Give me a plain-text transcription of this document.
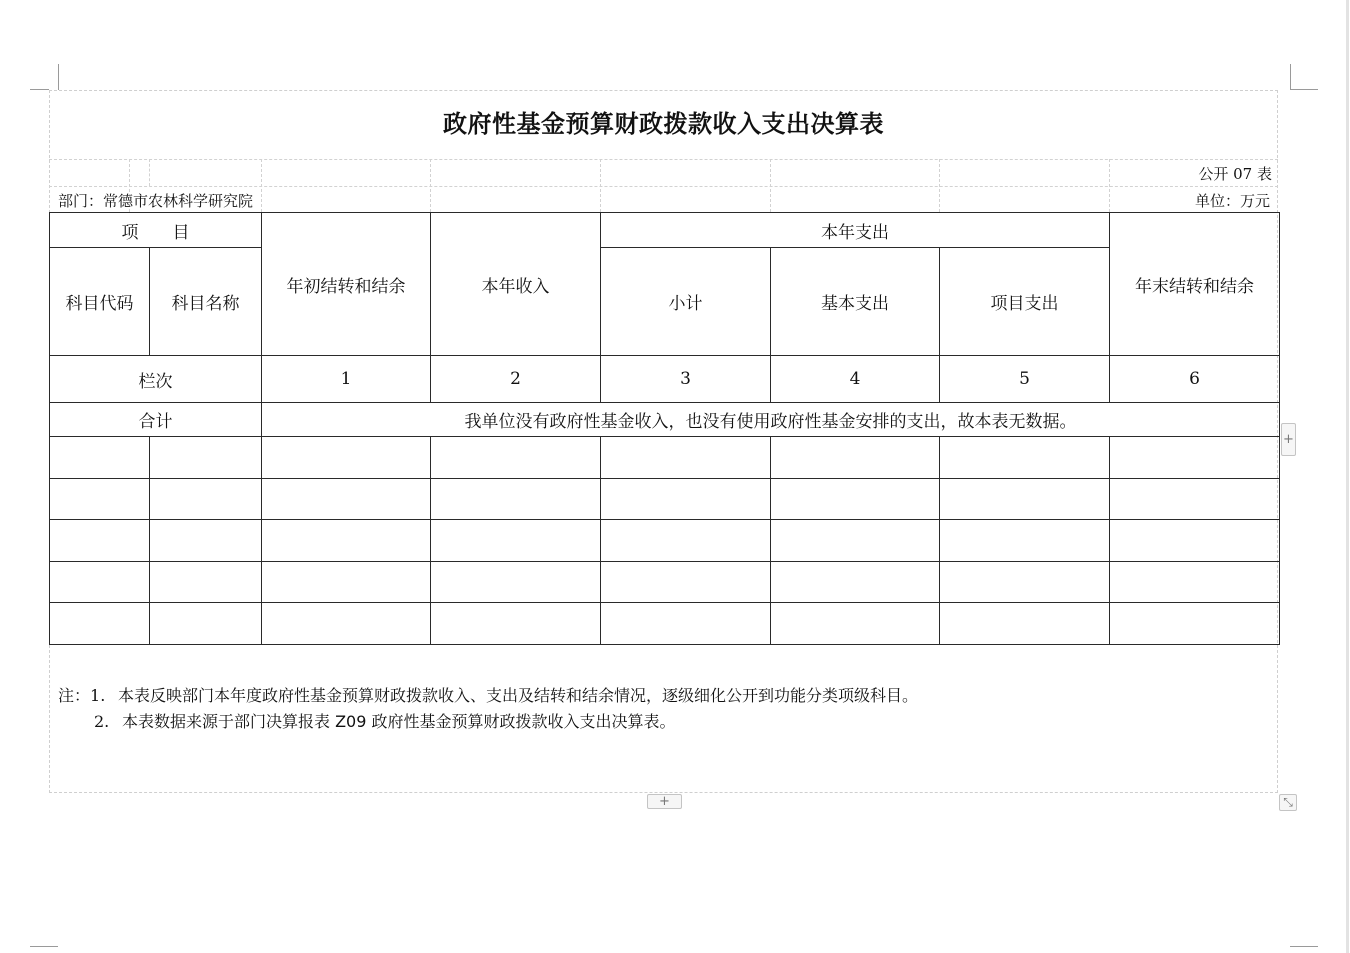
政府性基金预算财政拨款收入支出决算表
公开 07 表
部门：常德市农林科学研究院	单位：万元
项　　目		年初结转和结余	本年收入	本年支出			年末结转和结余
科目代码	科目名称			小计	基本支出	项目支出	
栏次		1	2	3	4	5	6
合计		我单位没有政府性基金收入，也没有使用政府性基金安排的支出，故本表无数据。					

注：1. 本表反映部门本年度政府性基金预算财政拨款收入、支出及结转和结余情况，逐级细化公开到功能分类项级科目。
2. 本表数据来源于部门决算报表 Z09 政府性基金预算财政拨款收入支出决算表。
+
+	⤡
